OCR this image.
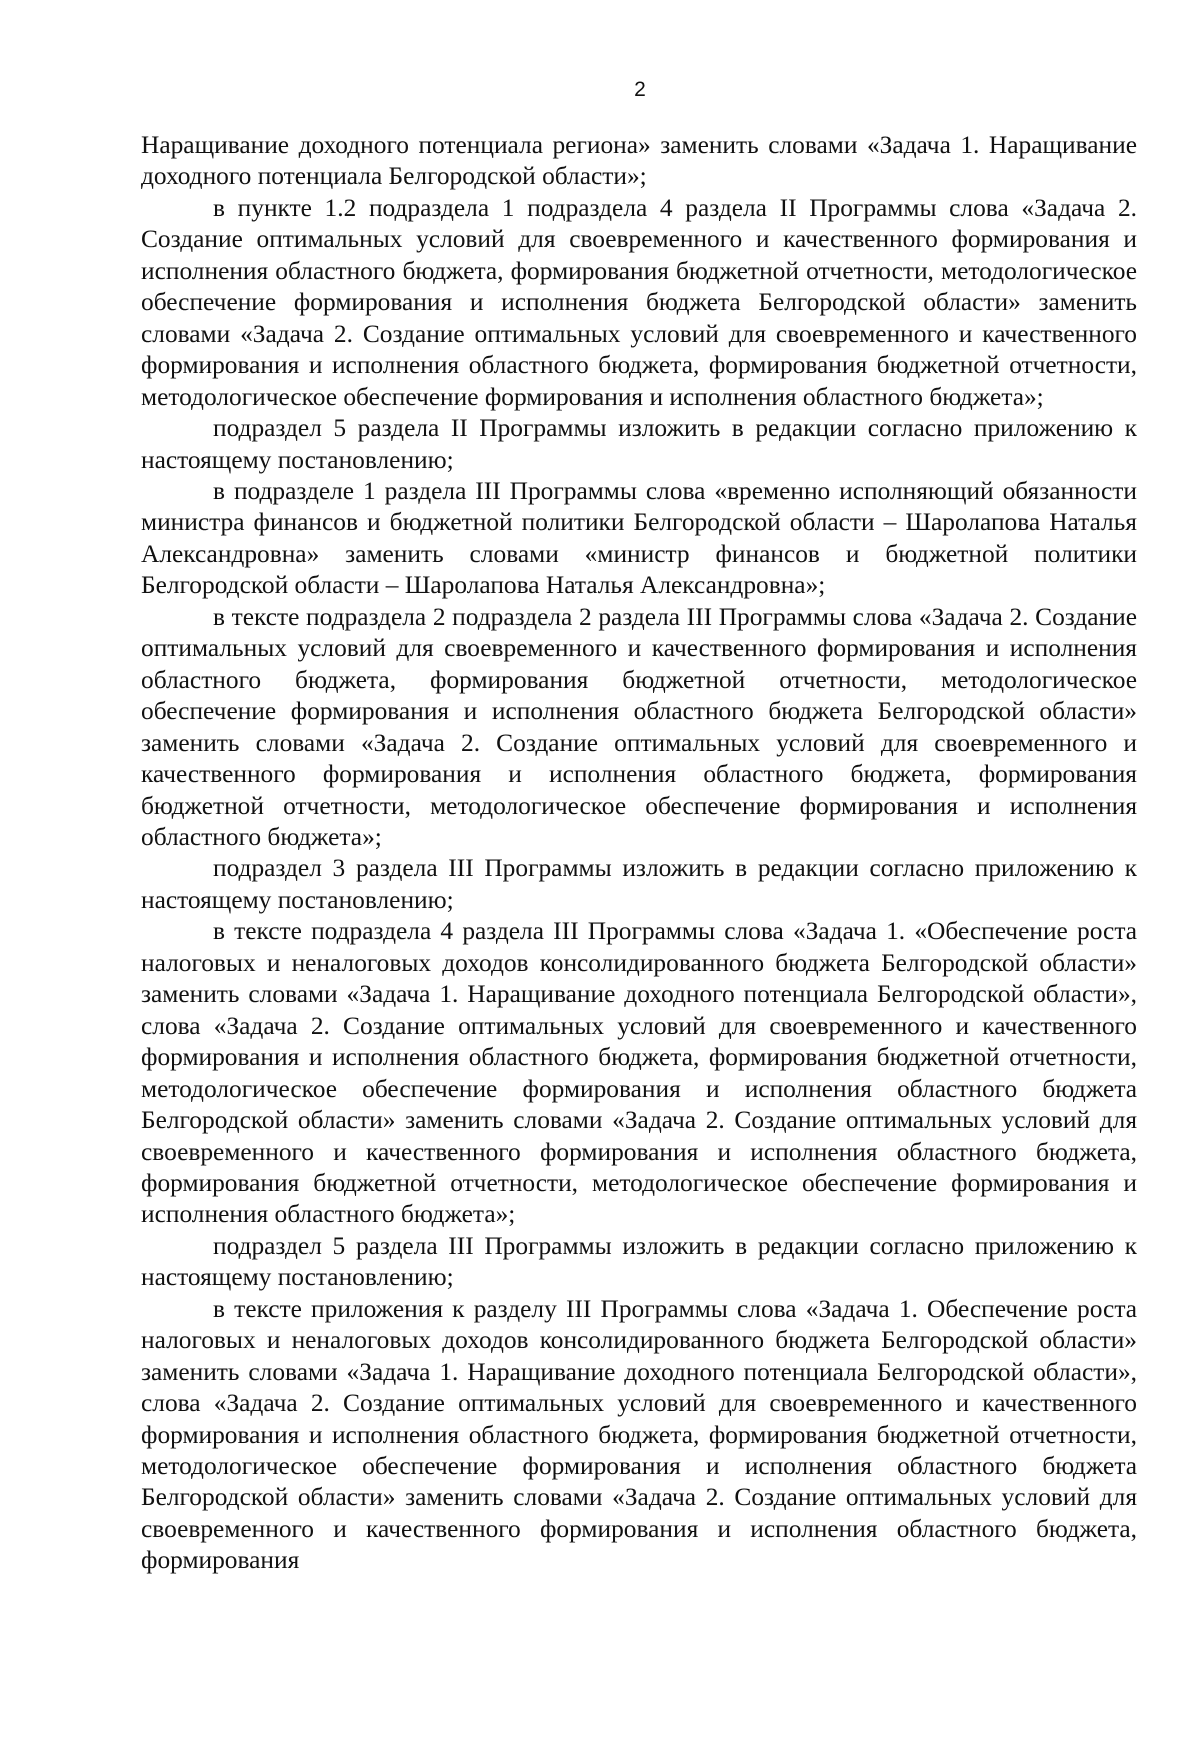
2

Наращивание доходного потенциала региона» заменить словами «Задача 1. Наращивание доходного потенциала Белгородской области»;

в пункте 1.2 подраздела 1 подраздела 4 раздела II Программы слова «Задача 2. Создание оптимальных условий для своевременного и качественного формирования и исполнения областного бюджета, формирования бюджетной отчетности, методологическое обеспечение формирования и исполнения бюджета Белгородской области» заменить словами «Задача 2. Создание оптимальных условий для своевременного и качественного формирования и исполнения областного бюджета, формирования бюджетной отчетности, методологическое обеспечение формирования и исполнения областного бюджета»;

подраздел 5 раздела II Программы изложить в редакции согласно приложению к настоящему постановлению;

в подразделе 1 раздела III Программы слова «временно исполняющий обязанности министра финансов и бюджетной политики Белгородской области – Шаролапова Наталья Александровна» заменить словами «министр финансов и бюджетной политики Белгородской области – Шаролапова Наталья Александровна»;

в тексте подраздела 2 подраздела 2 раздела III Программы слова «Задача 2. Создание оптимальных условий для своевременного и качественного формирования и исполнения областного бюджета, формирования бюджетной отчетности, методологическое обеспечение формирования и исполнения областного бюджета Белгородской области» заменить словами «Задача 2. Создание оптимальных условий для своевременного и качественного формирования и исполнения областного бюджета, формирования бюджетной отчетности, методологическое обеспечение формирования и исполнения областного бюджета»;

подраздел 3 раздела III Программы изложить в редакции согласно приложению к настоящему постановлению;

в тексте подраздела 4 раздела III Программы слова «Задача 1. «Обеспечение роста налоговых и неналоговых доходов консолидированного бюджета Белгородской области» заменить словами «Задача 1. Наращивание доходного потенциала Белгородской области», слова «Задача 2. Создание оптимальных условий для своевременного и качественного формирования и исполнения областного бюджета, формирования бюджетной отчетности, методологическое обеспечение формирования и исполнения областного бюджета Белгородской области» заменить словами «Задача 2. Создание оптимальных условий для своевременного и качественного формирования и исполнения областного бюджета, формирования бюджетной отчетности, методологическое обеспечение формирования и исполнения областного бюджета»;

подраздел 5 раздела III Программы изложить в редакции согласно приложению к настоящему постановлению;

в тексте приложения к разделу III Программы слова «Задача 1. Обеспечение роста налоговых и неналоговых доходов консолидированного бюджета Белгородской области» заменить словами «Задача 1. Наращивание доходного потенциала Белгородской области», слова «Задача 2. Создание оптимальных условий для своевременного и качественного формирования и исполнения областного бюджета, формирования бюджетной отчетности, методологическое обеспечение формирования и исполнения областного бюджета Белгородской области» заменить словами «Задача 2. Создание оптимальных условий для своевременного и качественного формирования и исполнения областного бюджета, формирования
